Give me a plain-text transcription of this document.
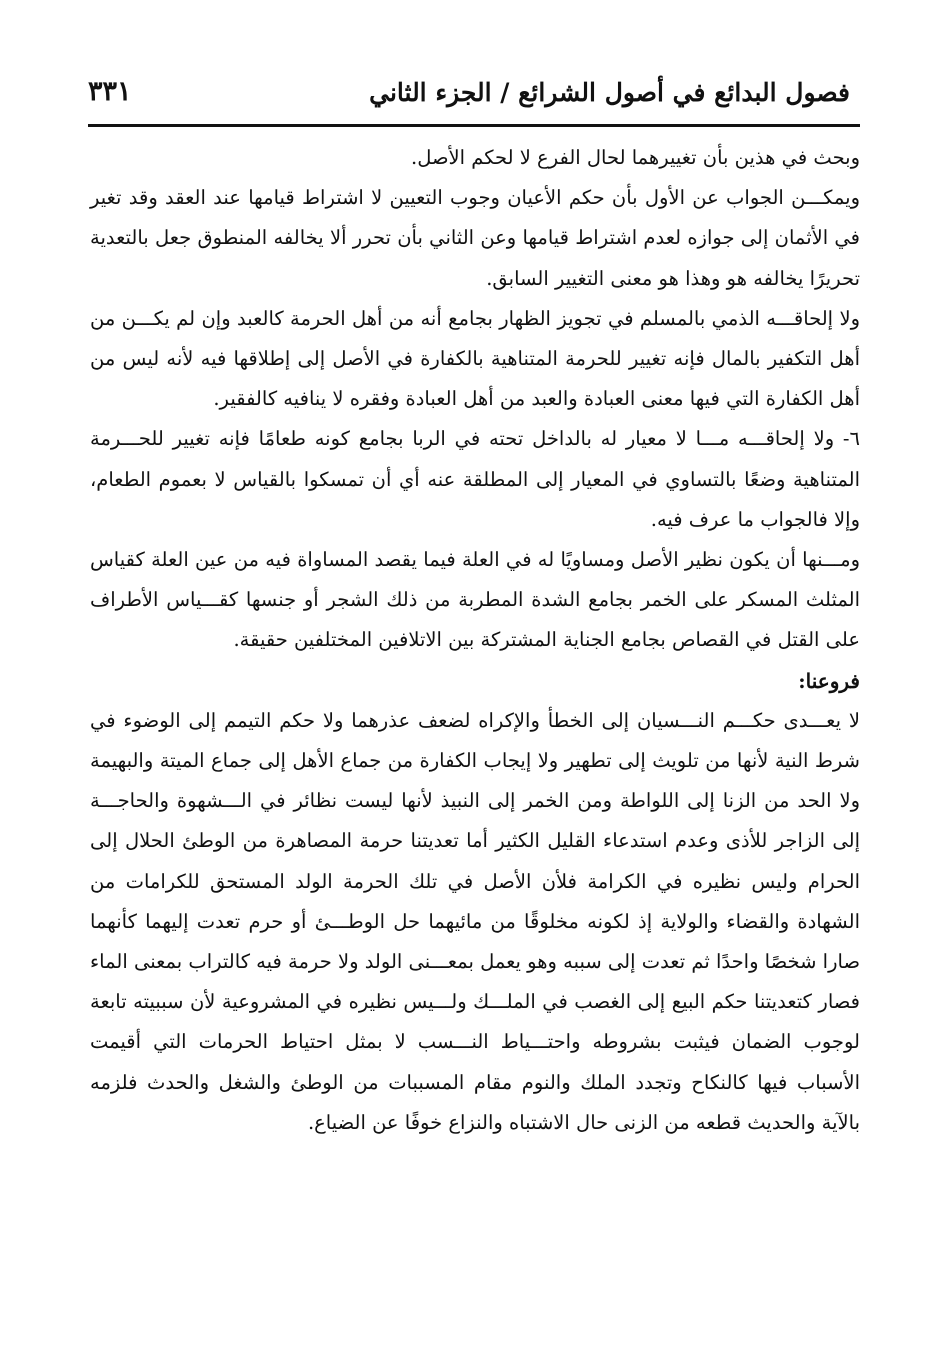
فصول البدائع في أصول الشرائع / الجزء الثاني
٣٣١

وبحث في هذين بأن تغييرهما لحال الفرع لا لحكم الأصل.

ويمكـــن الجواب عن الأول بأن حكم الأعيان وجوب التعيين لا اشتراط قيامها عند العقد وقد تغير في الأثمان إلى جوازه لعدم اشتراط قيامها وعن الثاني بأن تحرر ألا يخالفه المنطوق جعل بالتعدية تحريرًا يخالفه هو وهذا هو معنى التغيير السابق.

ولا إلحاقـــه الذمي بالمسلم في تجويز الظهار بجامع أنه من أهل الحرمة كالعبد وإن لم يكـــن من أهل التكفير بالمال فإنه تغيير للحرمة المتناهية بالكفارة في الأصل إلى إطلاقها فيه لأنه ليس من أهل الكفارة التي فيها معنى العبادة والعبد من أهل العبادة وفقره لا ينافيه كالفقير.

٦- ولا إلحاقـــه مـــا لا معيار له بالداخل تحته في الربا بجامع كونه طعامًا فإنه تغيير للحـــرمة المتناهية وضعًا بالتساوي في المعيار إلى المطلقة عنه أي أن تمسكوا بالقياس لا بعموم الطعام، وإلا فالجواب ما عرف فيه.

ومـــنها أن يكون نظير الأصل ومساويًا له في العلة فيما يقصد المساواة فيه من عين العلة كقياس المثلث المسكر على الخمر بجامع الشدة المطربة من ذلك الشجر أو جنسها كقـــياس الأطراف على القتل في القصاص بجامع الجناية المشتركة بين الاتلافين المختلفين حقيقة.

فروعنا:

لا يعـــدى حكـــم النـــسيان إلى الخطأ والإكراه لضعف عذرهما ولا حكم التيمم إلى الوضوء في شرط النية لأنها من تلويث إلى تطهير ولا إيجاب الكفارة من جماع الأهل إلى جماع الميتة والبهيمة ولا الحد من الزنا إلى اللواطة ومن الخمر إلى النبيذ لأنها ليست نظائر في الـــشهوة والحاجـــة إلى الزاجر للأذى وعدم استدعاء القليل الكثير أما تعديتنا حرمة المصاهرة من الوطئ الحلال إلى الحرام وليس نظيره في الكرامة فلأن الأصل في تلك الحرمة الولد المستحق للكرامات من الشهادة والقضاء والولاية إذ لكونه مخلوقًا من مائيهما حل الوطـــئ أو حرم تعدت إليهما كأنهما صارا شخصًا واحدًا ثم تعدت إلى سببه وهو يعمل بمعـــنى الولد ولا حرمة فيه كالتراب بمعنى الماء فصار كتعديتنا حكم البيع إلى الغصب في الملـــك ولـــيس نظيره في المشروعية لأن سببيته تابعة لوجوب الضمان فيثبت بشروطه واحتـــياط النـــسب لا بمثل احتياط الحرمات التي أقيمت الأسباب فيها كالنكاح وتجدد الملك والنوم مقام المسببات من الوطئ والشغل والحدث فلزمه بالآية والحديث قطعه من الزنى حال الاشتباه والنزاع خوفًا عن الضياع.
